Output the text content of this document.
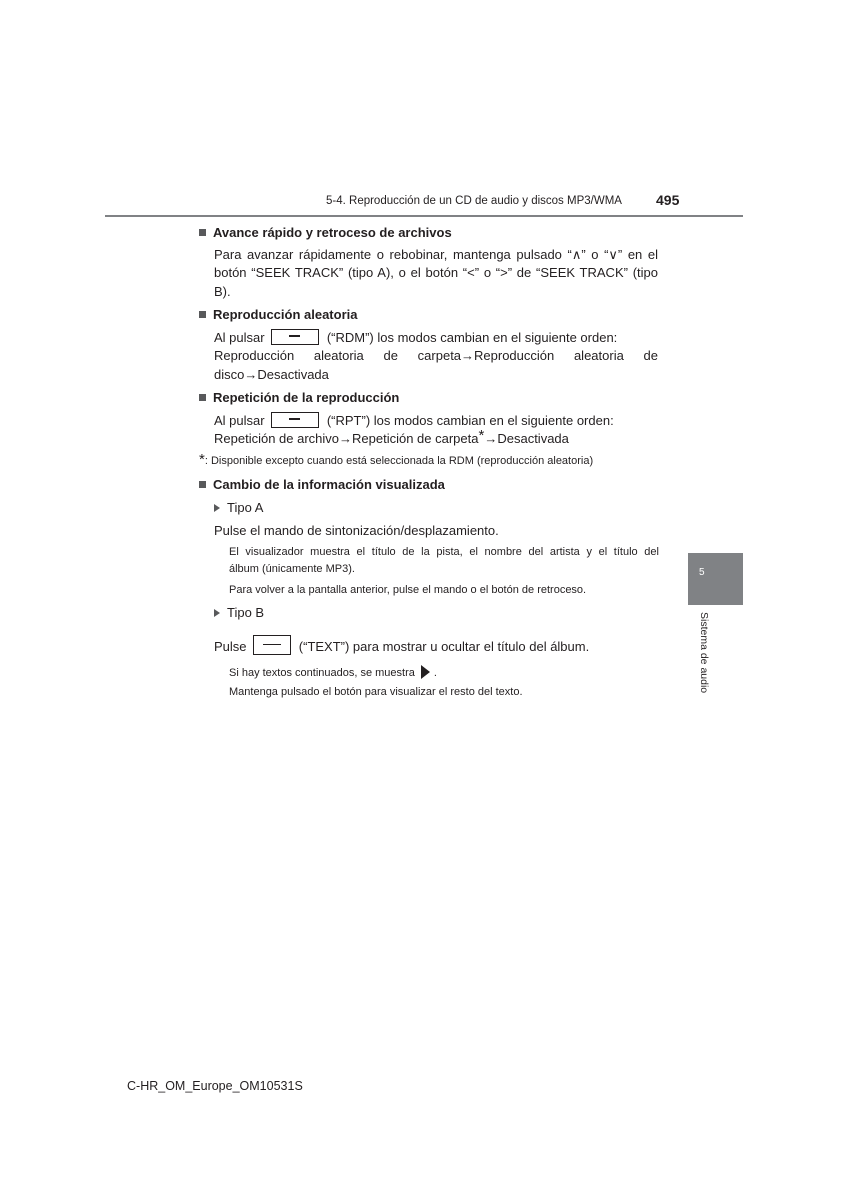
5-4. Reproducción de un CD de audio y discos MP3/WMA 495
5
Sistema de audio
Avance rápido y retroceso de archivos
Para avanzar rápidamente o rebobinar, mantenga pulsado “∧” o “∨” en el
botón “SEEK TRACK” (tipo A), o el botón “<” o “>” de “SEEK TRACK” (tipo
B).
Reproducción aleatoria
Al pulsar	(“RDM”) los modos cambian en el siguiente orden:
Reproducción aleatoria de carpeta→Reproducción aleatoria de
disco→Desactivada
Repetición de la reproducción
Al pulsar	(“RPT”) los modos cambian en el siguiente orden:
Repetición de archivo→Repetición de carpeta*→Desactivada
*: Disponible excepto cuando está seleccionada la RDM (reproducción aleatoria)
Cambio de la información visualizada
Tipo A
Pulse el mando de sintonización/desplazamiento.
El visualizador muestra el título de la pista, el nombre del artista y el título del
álbum (únicamente MP3).
Para volver a la pantalla anterior, pulse el mando o el botón de retroceso.
Tipo B
Pulse	(“TEXT”) para mostrar u ocultar el título del álbum.
Si hay textos continuados, se muestra .
Mantenga pulsado el botón para visualizar el resto del texto.
C-HR_OM_Europe_OM10531S
